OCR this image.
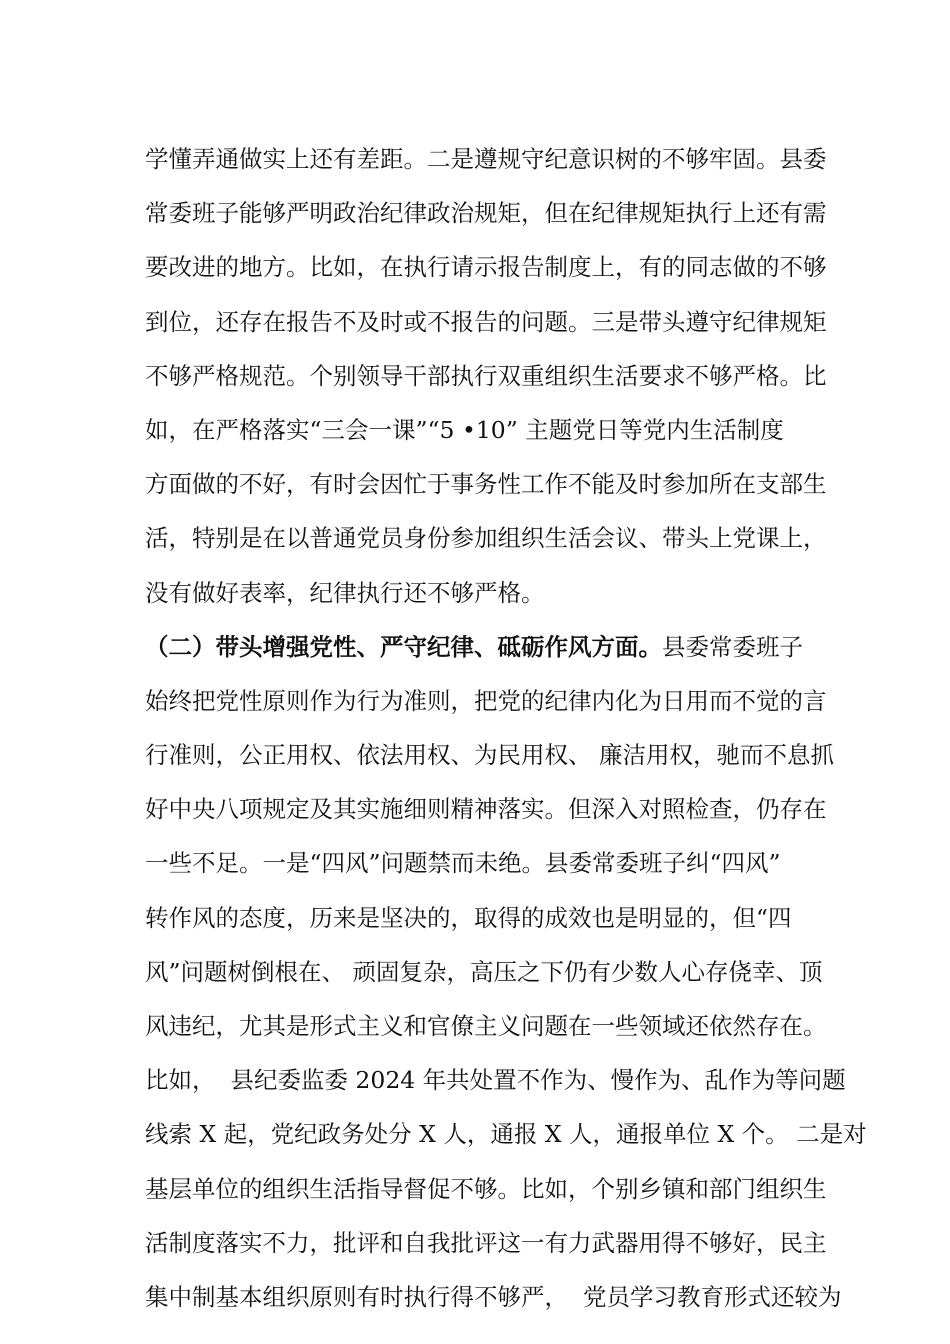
学懂弄通做实上还有差距。二是遵规守纪意识树的不够牢固。县委
常委班子能够严明政治纪律政治规矩，但在纪律规矩执行上还有需
要改进的地方。比如，在执行请示报告制度上，有的同志做的不够
到位，还存在报告不及时或不报告的问题。三是带头遵守纪律规矩
不够严格规范。个别领导干部执行双重组织生活要求不够严格。比
如，在严格落实“三会一课”“5 •10” 主题党日等党内生活制度
方面做的不好，有时会因忙于事务性工作不能及时参加所在支部生
活，特别是在以普通党员身份参加组织生活会议、带头上党课上，
没有做好表率，纪律执行还不够严格。
（二）带头增强党性、严守纪律、砥砺作风方面。县委常委班子
始终把党性原则作为行为准则，把党的纪律内化为日用而不觉的言
行准则，公正用权、依法用权、为民用权、 廉洁用权，驰而不息抓
好中央八项规定及其实施细则精神落实。但深入对照检查，仍存在
一些不足。一是“四风”问题禁而未绝。县委常委班子纠“四风”
转作风的态度，历来是坚决的，取得的成效也是明显的，但“四
风”问题树倒根在、 顽固复杂，高压之下仍有少数人心存侥幸、顶
风违纪，尤其是形式主义和官僚主义问题在一些领域还依然存在。
比如，  县纪委监委 2024 年共处置不作为、慢作为、乱作为等问题
线索 X 起，党纪政务处分 X 人，通报 X 人，通报单位 X 个。 二是对
基层单位的组织生活指导督促不够。比如，个别乡镇和部门组织生
活制度落实不力，批评和自我批评这一有力武器用得不够好，民主
集中制基本组织原则有时执行得不够严，  党员学习教育形式还较为
